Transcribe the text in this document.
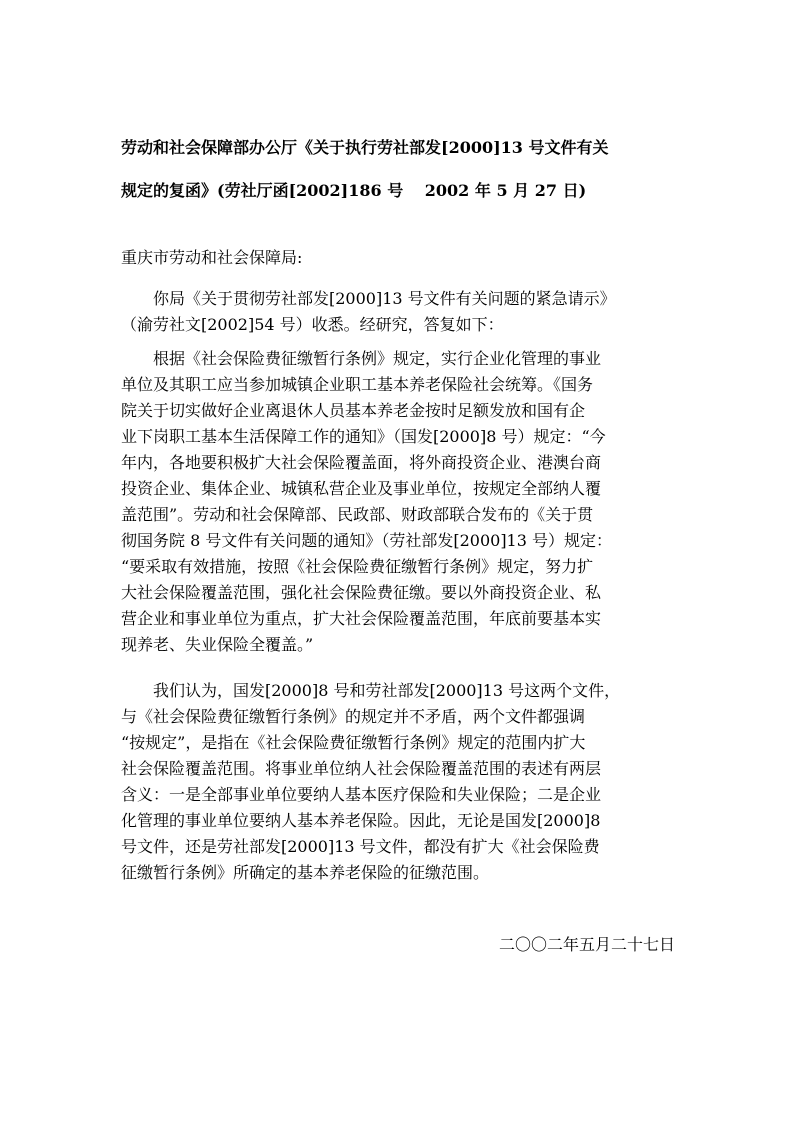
劳动和社会保障部办公厅《关于执行劳社部发[2000]13 号文件有关
规定的复函》(劳社厅函[2002]186 号　 2002 年 5 月 27 日)

重庆市劳动和社会保障局:

　　你局《关于贯彻劳社部发[2000]13 号文件有关问题的紧急请示》
（渝劳社文[2002]54 号）收悉。经研究，答复如下：

　　根据《社会保险费征缴暂行条例》规定，实行企业化管理的事业
单位及其职工应当参加城镇企业职工基本养老保险社会统筹。《国务
院关于切实做好企业离退休人员基本养老金按时足额发放和国有企
业下岗职工基本生活保障工作的通知》（国发[2000]8 号）规定：“今
年内，各地要积极扩大社会保险覆盖面，将外商投资企业、港澳台商
投资企业、集体企业、城镇私营企业及事业单位，按规定全部纳人覆
盖范围”。劳动和社会保障部、民政部、财政部联合发布的《关于贯
彻国务院 8 号文件有关问题的通知》（劳社部发[2000]13 号）规定：
“要采取有效措施，按照《社会保险费征缴暂行条例》规定，努力扩
大社会保险覆盖范围，强化社会保险费征缴。要以外商投资企业、私
营企业和事业单位为重点，扩大社会保险覆盖范围，年底前要基本实
现养老、失业保险全覆盖。”

　　我们认为，国发[2000]8 号和劳社部发[2000]13 号这两个文件，
与《社会保险费征缴暂行条例》的规定并不矛盾，两个文件都强调
“按规定”，是指在《社会保险费征缴暂行条例》规定的范围内扩大
社会保险覆盖范围。将事业单位纳人社会保险覆盖范围的表述有两层
含义：一是全部事业单位要纳人基本医疗保险和失业保险；二是企业
化管理的事业单位要纳人基本养老保险。因此，无论是国发[2000]8
号文件，还是劳社部发[2000]13 号文件，都没有扩大《社会保险费
征缴暂行条例》所确定的基本养老保险的征缴范围。

二〇〇二年五月二十七日
